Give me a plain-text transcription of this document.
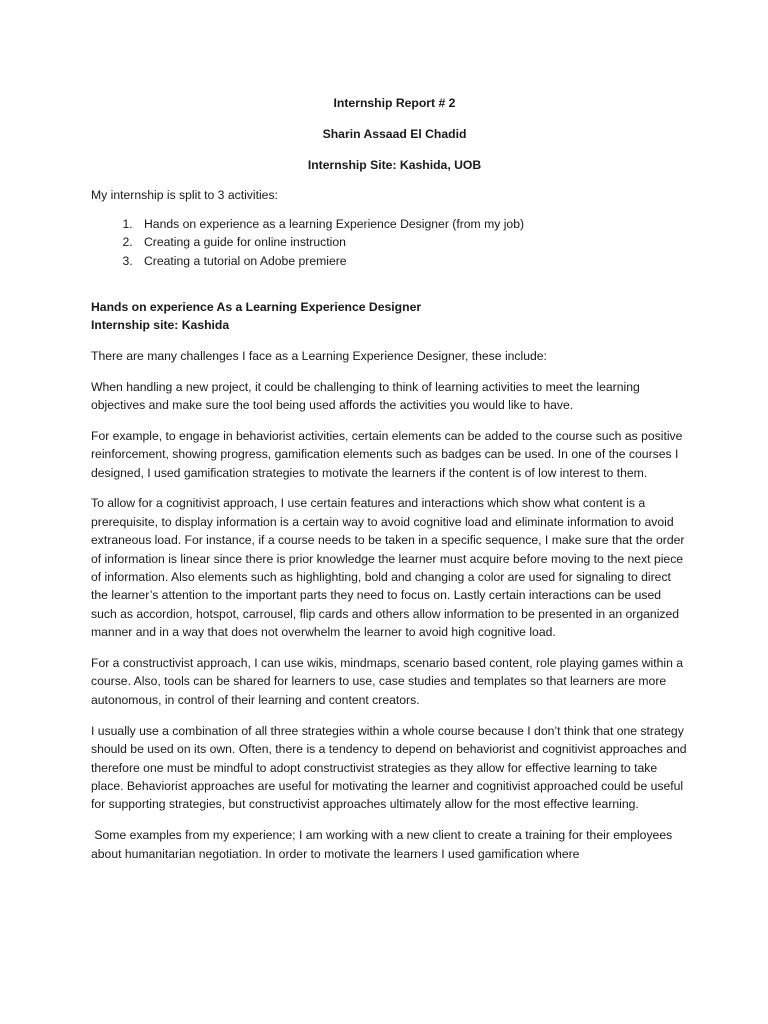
Internship Report # 2
Sharin Assaad El Chadid
Internship Site: Kashida, UOB

My internship is split to 3 activities:

1. Hands on experience as a learning Experience Designer (from my job)
2. Creating a guide for online instruction
3. Creating a tutorial on Adobe premiere
Hands on experience As a Learning Experience Designer
Internship site: Kashida

There are many challenges I face as a Learning Experience Designer, these include:

When handling a new project, it could be challenging to think of learning activities to meet the learning objectives and make sure the tool being used affords the activities you would like to have.

For example, to engage in behaviorist activities, certain elements can be added to the course such as positive reinforcement, showing progress, gamification elements such as badges can be used. In one of the courses I designed, I used gamification strategies to motivate the learners if the content is of low interest to them.

To allow for a cognitivist approach, I use certain features and interactions which show what content is a prerequisite, to display information is a certain way to avoid cognitive load and eliminate information to avoid extraneous load. For instance, if a course needs to be taken in a specific sequence, I make sure that the order of information is linear since there is prior knowledge the learner must acquire before moving to the next piece of information. Also elements such as highlighting, bold and changing a color are used for signaling to direct the learner’s attention to the important parts they need to focus on. Lastly certain interactions can be used such as accordion, hotspot, carrousel, flip cards and others allow information to be presented in an organized manner and in a way that does not overwhelm the learner to avoid high cognitive load.

For a constructivist approach, I can use wikis, mindmaps, scenario based content, role playing games within a course. Also, tools can be shared for learners to use, case studies and templates so that learners are more autonomous, in control of their learning and content creators.

I usually use a combination of all three strategies within a whole course because I don’t think that one strategy should be used on its own. Often, there is a tendency to depend on behaviorist and cognitivist approaches and therefore one must be mindful to adopt constructivist strategies as they allow for effective learning to take place. Behaviorist approaches are useful for motivating the learner and cognitivist approached could be useful for supporting strategies, but constructivist approaches ultimately allow for the most effective learning.

Some examples from my experience; I am working with a new client to create a training for their employees about humanitarian negotiation. In order to motivate the learners I used gamification where
